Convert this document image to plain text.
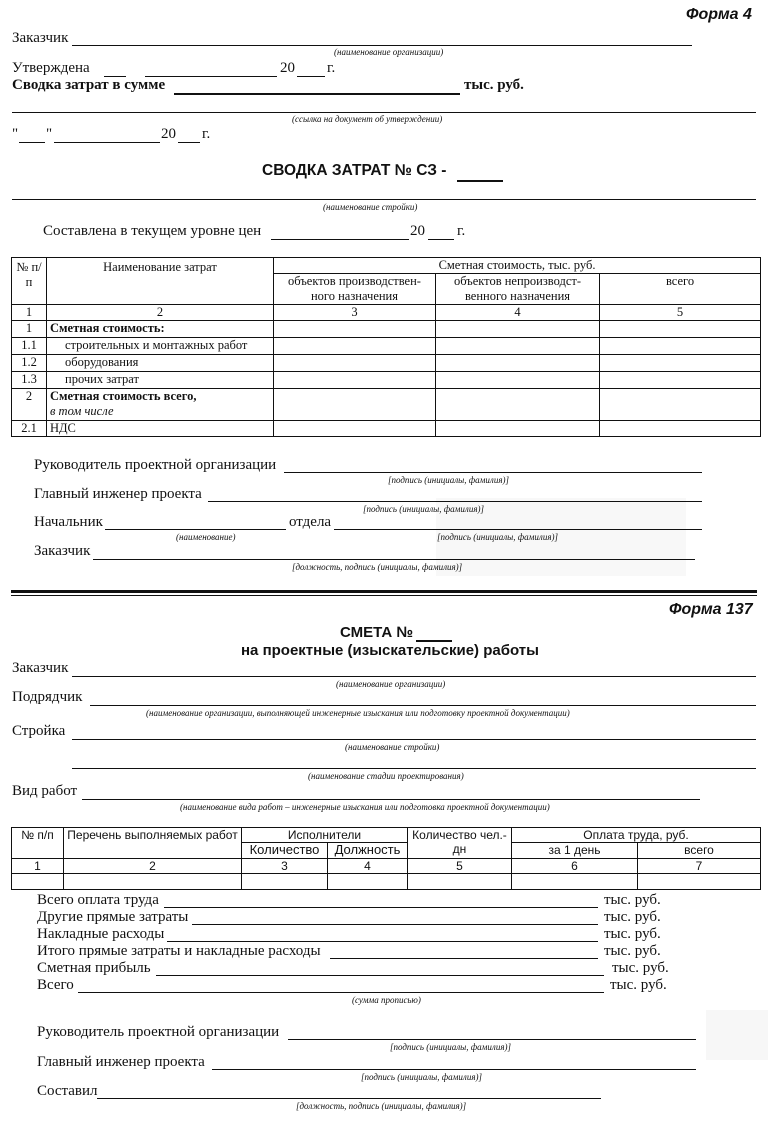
Форма 4
Заказчик
(наименование организации)
Утверждена	20 г.
Сводка затрат в сумме	тыс. руб.
(ссылка на документ об утверждении)
" "	20 г.
СВОДКА ЗАТРАТ № СЗ -
(наименование стройки)
Составлена в текущем уровне цен	20 г.
№ п/п	Наименование затрат	Сметная стоимость, тыс. руб.		
		объектов производствен- ного назначения	объектов непроизводст- венного назначения	всего
1	2	3	4	5
1	Сметная стоимость:			
1.1	строительных и монтажных работ			
1.2	оборудования			
1.3	прочих затрат			
2	Сметная стоимость всего,
в том числе			
2.1	НДС			
Руководитель проектной организации
[подпись (инициалы, фамилия)]
Главный инженер проекта
[подпись (инициалы, фамилия)]
Начальник	отдела
(наименование)	[подпись (инициалы, фамилия)]
Заказчик
[должность, подпись (инициалы, фамилия)]
Форма 137
СМЕТА №
на проектные (изыскательские) работы
Заказчик
(наименование организации)
Подрядчик
(наименование организации, выполняющей инженерные изыскания или подготовку проектной документации)
Стройка
(наименование стройки)
(наименование стадии проектирования)
Вид работ
(наименование вида работ – инженерные изыскания или подготовка проектной документации)
№ п/п	Перечень выполняемых работ	Исполнители		Количество чел.-дн	Оплата труда, руб.	
		Количество	Должность		за 1 день	всего
1	2	3	4	5	6	7

Всего оплата труда	тыс. руб.
Другие прямые затраты	тыс. руб.
Накладные расходы	тыс. руб.
Итого прямые затраты и накладные расходы	тыс. руб.
Сметная прибыль	тыс. руб.
Всего	тыс. руб.
(сумма прописью)
Руководитель проектной организации
[подпись (инициалы, фамилия)]
Главный инженер проекта
[подпись (инициалы, фамилия)]
Составил
[должность, подпись (инициалы, фамилия)]
